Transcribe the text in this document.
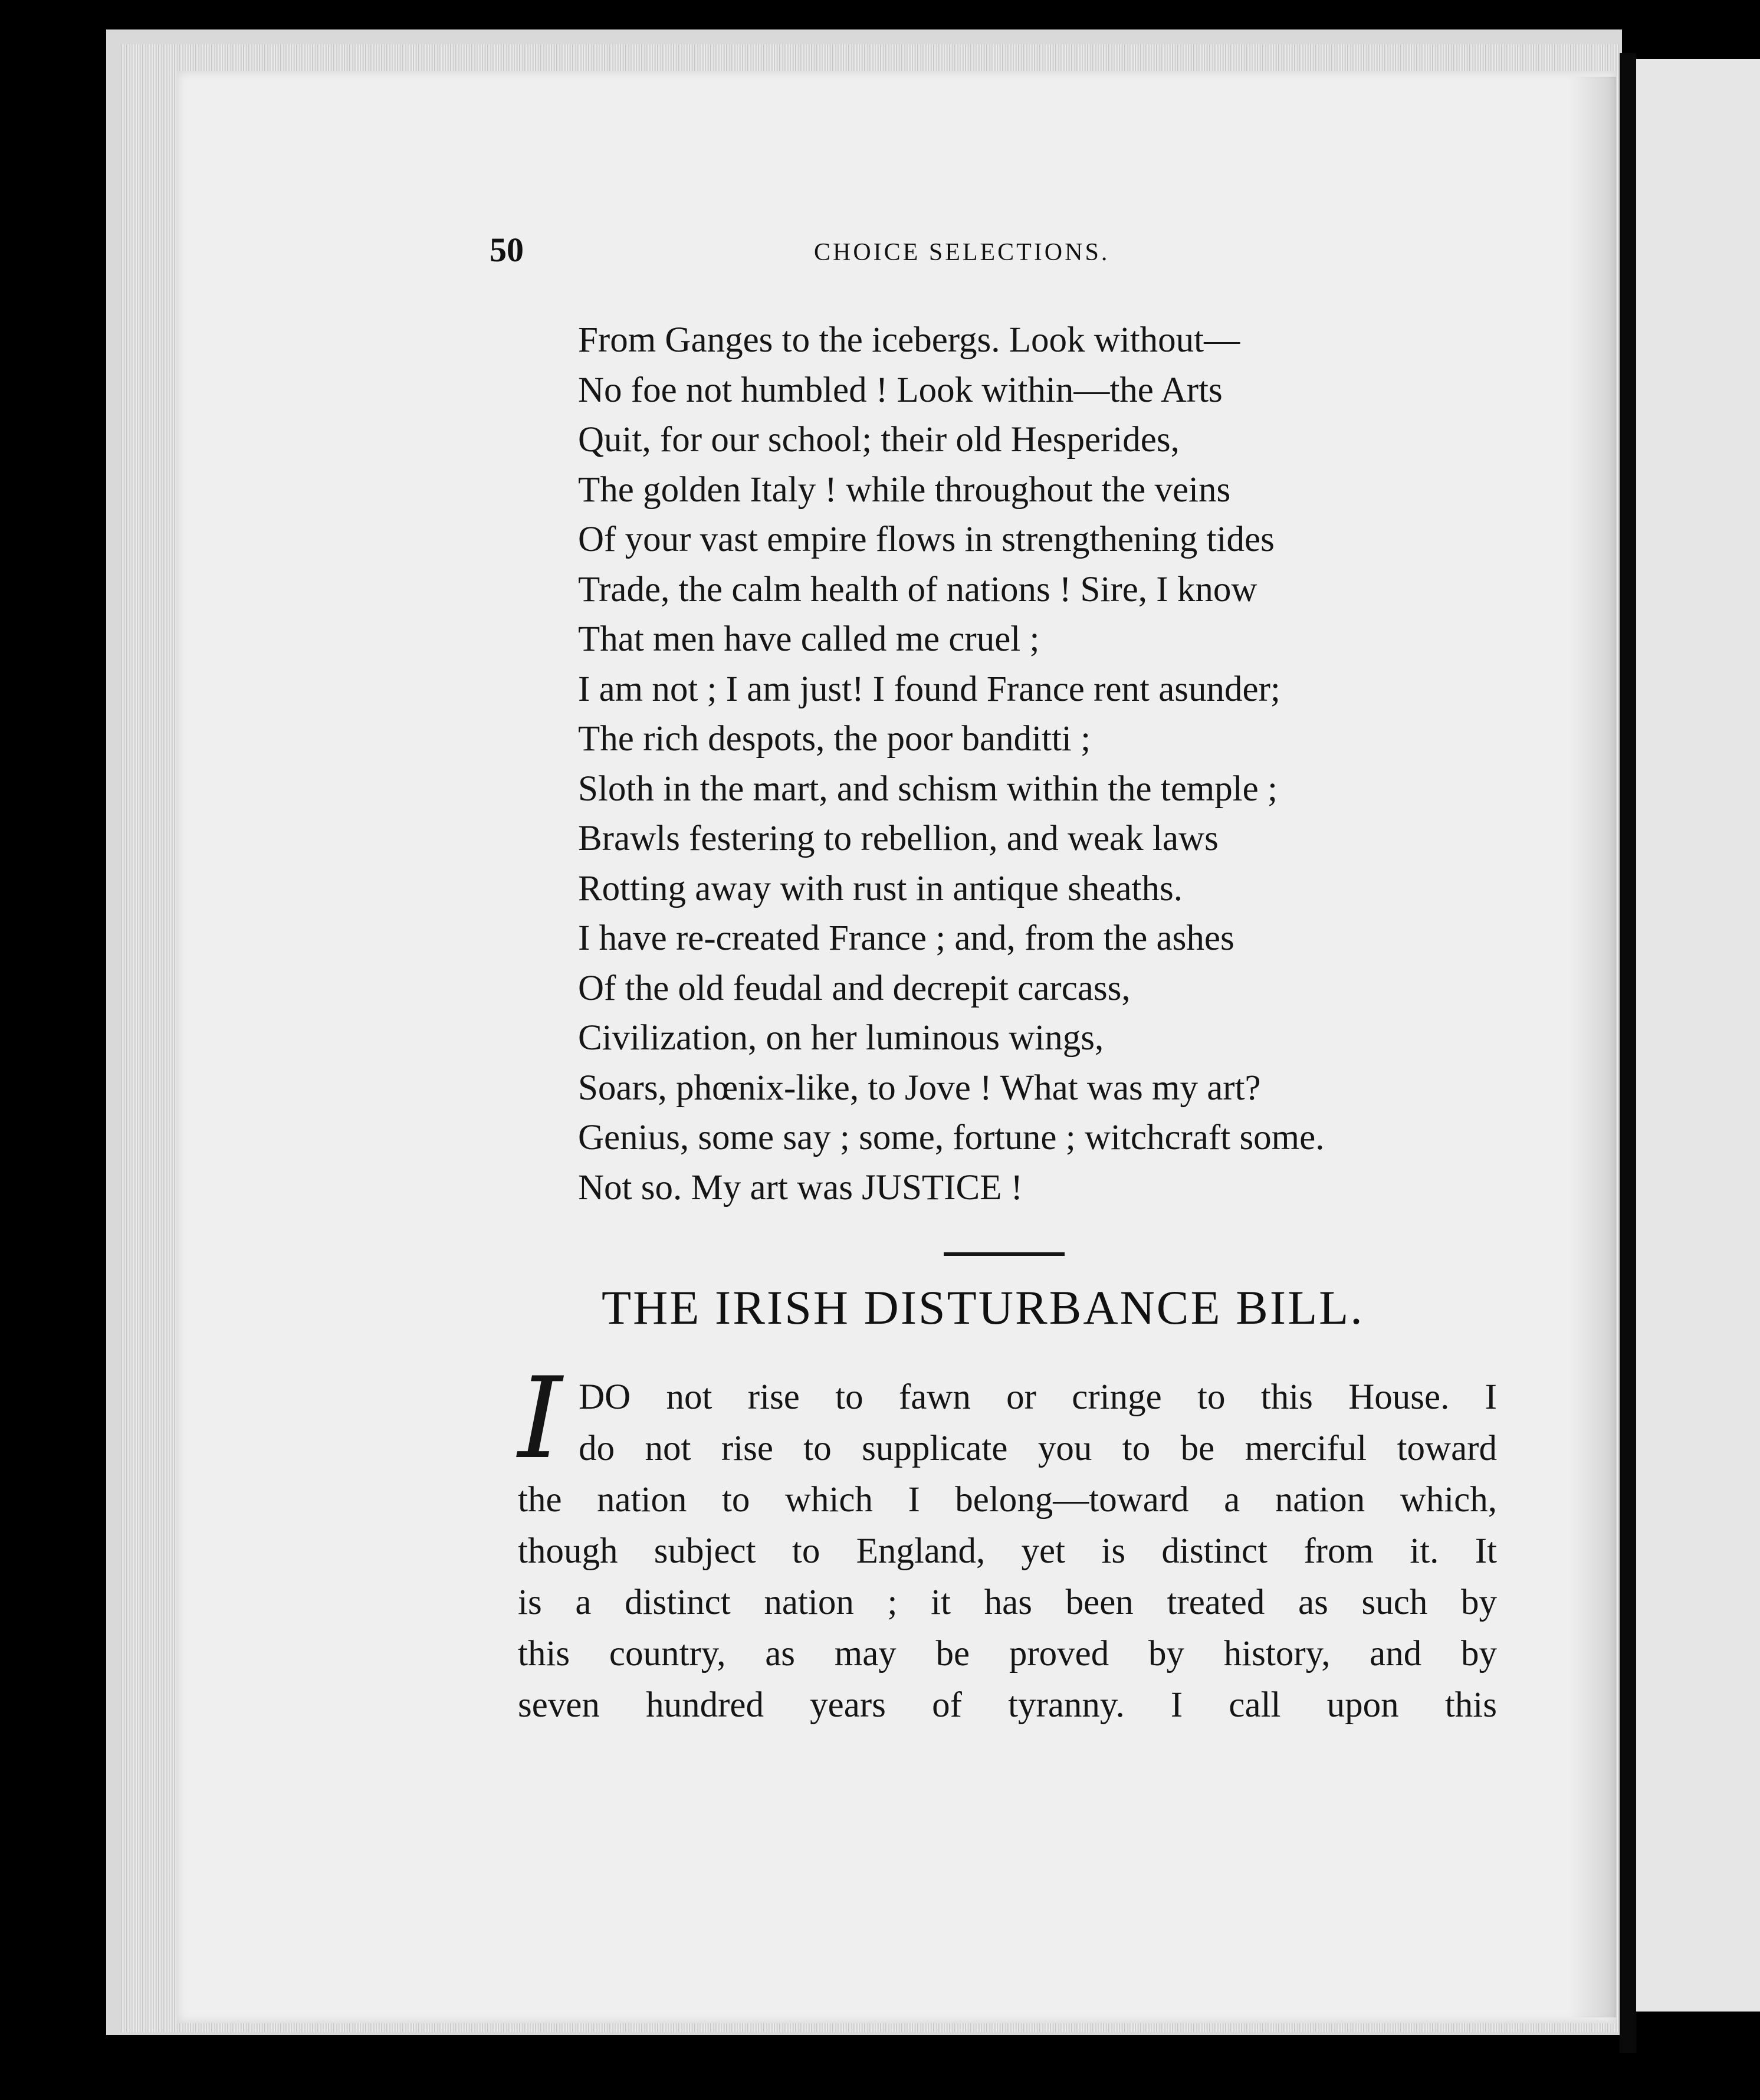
50	CHOICE SELECTIONS.
From Ganges to the icebergs. Look without—
No foe not humbled ! Look within—the Arts
Quit, for our school; their old Hesperides,
The golden Italy ! while throughout the veins
Of your vast empire flows in strengthening tides
Trade, the calm health of nations ! Sire, I know
That men have called me cruel ;
I am not ; I am just! I found France rent asunder;
The rich despots, the poor banditti ;
Sloth in the mart, and schism within the temple ;
Brawls festering to rebellion, and weak laws
Rotting away with rust in antique sheaths.
I have re-created France ; and, from the ashes
Of the old feudal and decrepit carcass,
Civilization, on her luminous wings,
Soars, phœnix-like, to Jove ! What was my art?
Genius, some say ; some, fortune ; witchcraft some.
Not so. My art was JUSTICE !
THE IRISH DISTURBANCE BILL.
I DO not rise to fawn or cringe to this House. I
do not rise to supplicate you to be merciful toward
the nation to which I belong—toward a nation which,
though subject to England, yet is distinct from it. It
is a distinct nation ; it has been treated as such by
this country, as may be proved by history, and by
seven hundred years of tyranny. I call upon this
